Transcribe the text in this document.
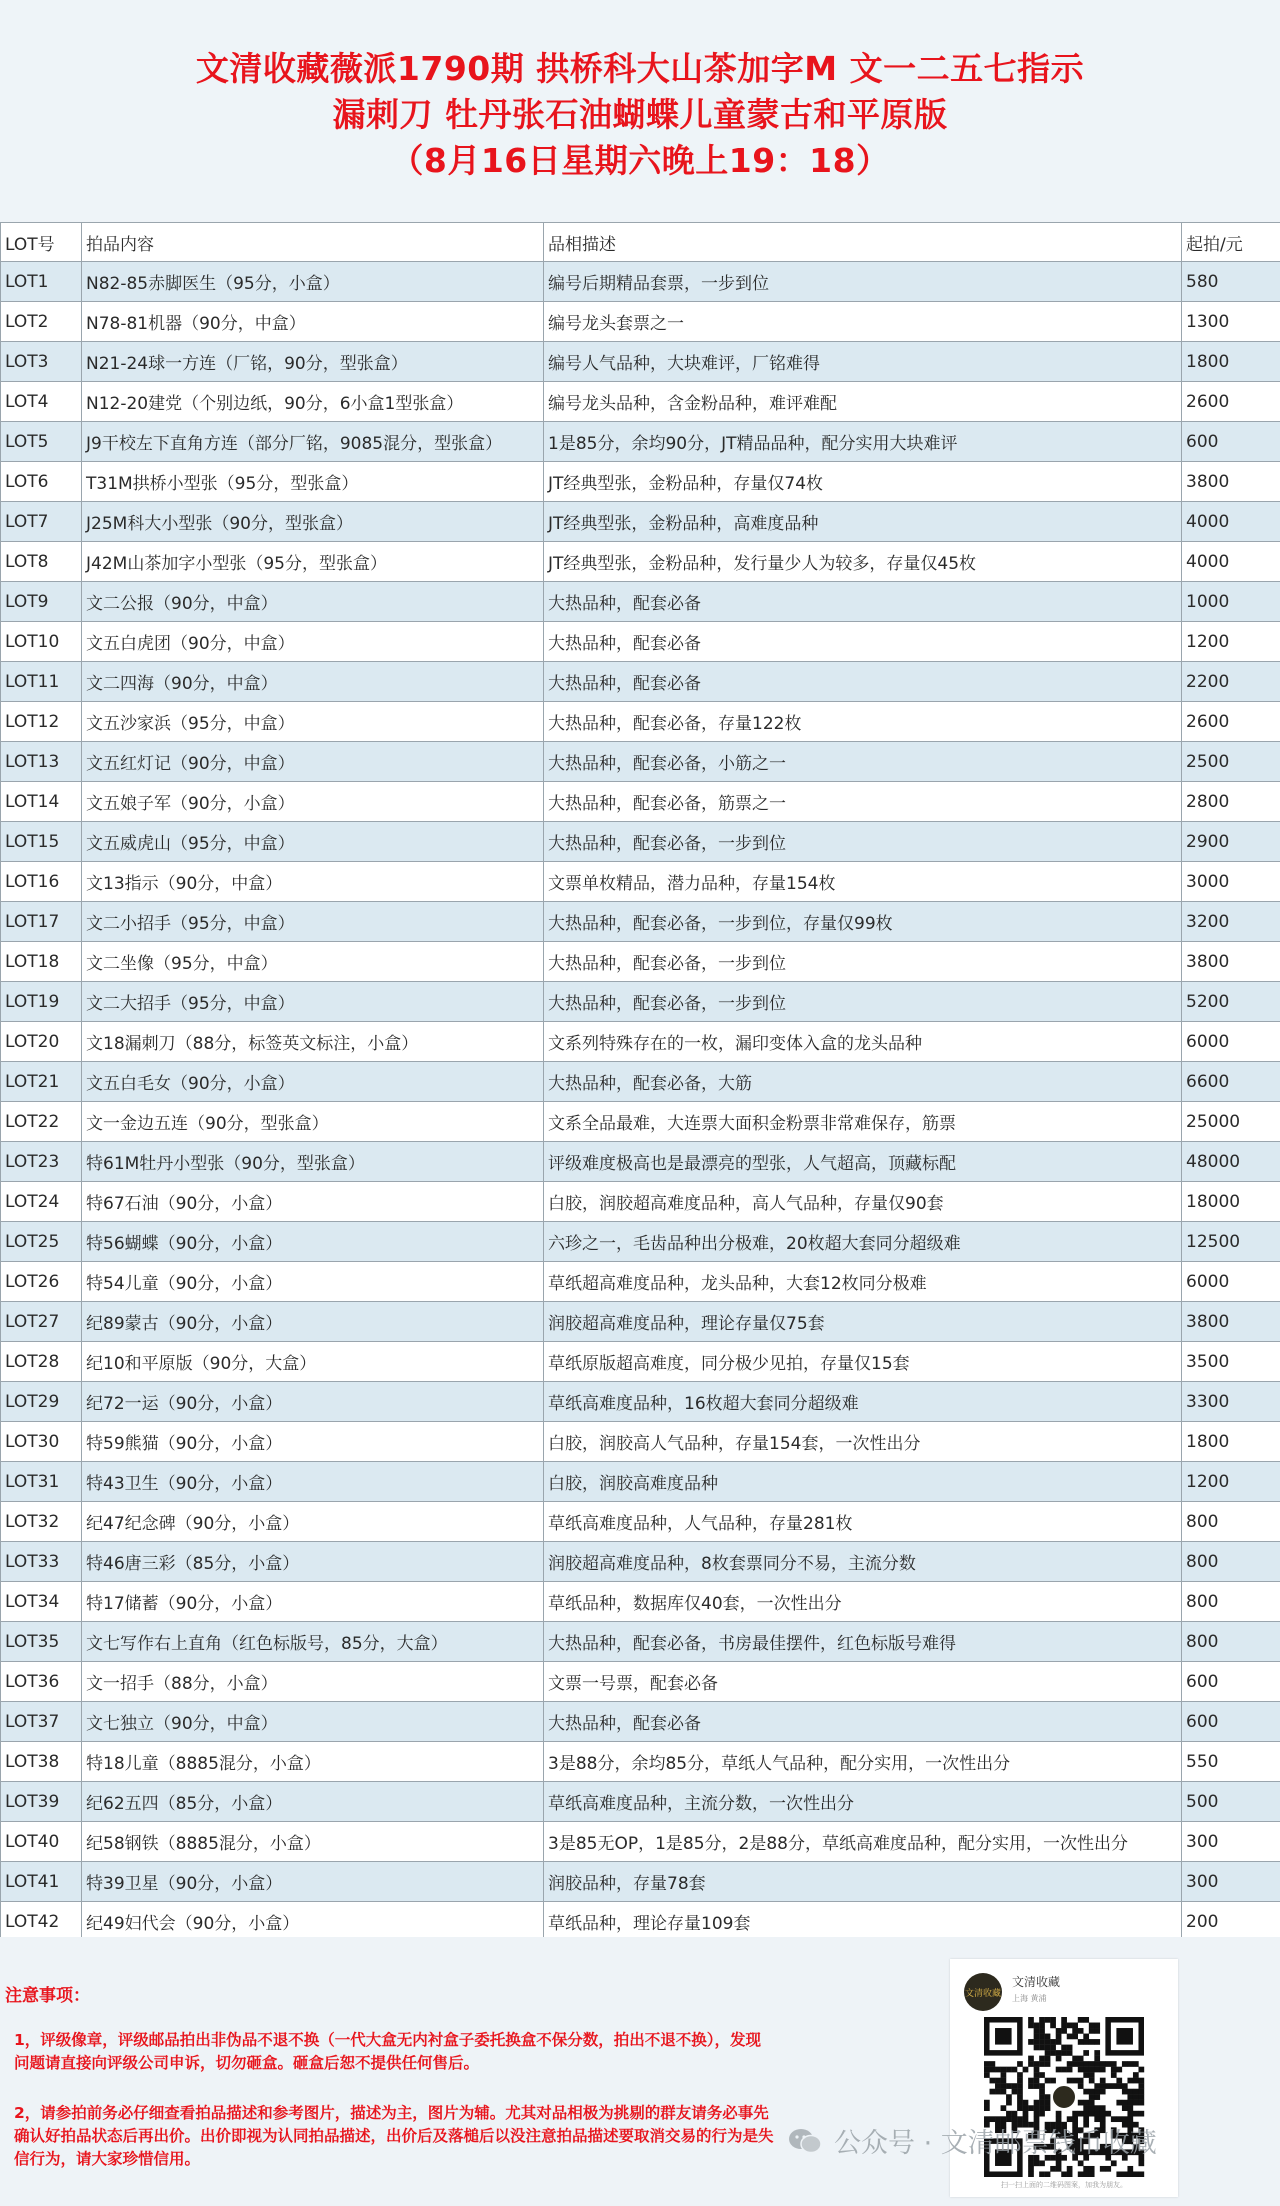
文清收藏薇派1790期 拱桥科大山茶加字M 文一二五七指示
漏刺刀 牡丹张石油蝴蝶儿童蒙古和平原版
（8月16日星期六晚上19：18）
LOT号	拍品内容	品相描述	起拍/元
LOT1	N82-85赤脚医生（95分，小盒）	编号后期精品套票，一步到位	580
LOT2	N78-81机器（90分，中盒）	编号龙头套票之一	1300
LOT3	N21-24球一方连（厂铭，90分，型张盒）	编号人气品种，大块难评，厂铭难得	1800
LOT4	N12-20建党（个别边纸，90分，6小盒1型张盒）	编号龙头品种，含金粉品种，难评难配	2600
LOT5	J9干校左下直角方连（部分厂铭，9085混分，型张盒）	1是85分，余均90分，JT精品品种，配分实用大块难评	600
LOT6	T31M拱桥小型张（95分，型张盒）	JT经典型张，金粉品种，存量仅74枚	3800
LOT7	J25M科大小型张（90分，型张盒）	JT经典型张，金粉品种，高难度品种	4000
LOT8	J42M山茶加字小型张（95分，型张盒）	JT经典型张，金粉品种，发行量少人为较多，存量仅45枚	4000
LOT9	文二公报（90分，中盒）	大热品种，配套必备	1000
LOT10	文五白虎团（90分，中盒）	大热品种，配套必备	1200
LOT11	文二四海（90分，中盒）	大热品种，配套必备	2200
LOT12	文五沙家浜（95分，中盒）	大热品种，配套必备，存量122枚	2600
LOT13	文五红灯记（90分，中盒）	大热品种，配套必备，小筋之一	2500
LOT14	文五娘子军（90分，小盒）	大热品种，配套必备，筋票之一	2800
LOT15	文五威虎山（95分，中盒）	大热品种，配套必备，一步到位	2900
LOT16	文13指示（90分，中盒）	文票单枚精品，潜力品种，存量154枚	3000
LOT17	文二小招手（95分，中盒）	大热品种，配套必备，一步到位，存量仅99枚	3200
LOT18	文二坐像（95分，中盒）	大热品种，配套必备，一步到位	3800
LOT19	文二大招手（95分，中盒）	大热品种，配套必备，一步到位	5200
LOT20	文18漏刺刀（88分，标签英文标注，小盒）	文系列特殊存在的一枚，漏印变体入盒的龙头品种	6000
LOT21	文五白毛女（90分，小盒）	大热品种，配套必备，大筋	6600
LOT22	文一金边五连（90分，型张盒）	文系全品最难，大连票大面积金粉票非常难保存，筋票	25000
LOT23	特61M牡丹小型张（90分，型张盒）	评级难度极高也是最漂亮的型张，人气超高，顶藏标配	48000
LOT24	特67石油（90分，小盒）	白胶，润胶超高难度品种，高人气品种，存量仅90套	18000
LOT25	特56蝴蝶（90分，小盒）	六珍之一，毛齿品种出分极难，20枚超大套同分超级难	12500
LOT26	特54儿童（90分，小盒）	草纸超高难度品种，龙头品种，大套12枚同分极难	6000
LOT27	纪89蒙古（90分，小盒）	润胶超高难度品种，理论存量仅75套	3800
LOT28	纪10和平原版（90分，大盒）	草纸原版超高难度，同分极少见拍，存量仅15套	3500
LOT29	纪72一运（90分，小盒）	草纸高难度品种，16枚超大套同分超级难	3300
LOT30	特59熊猫（90分，小盒）	白胶，润胶高人气品种，存量154套，一次性出分	1800
LOT31	特43卫生（90分，小盒）	白胶，润胶高难度品种	1200
LOT32	纪47纪念碑（90分，小盒）	草纸高难度品种，人气品种，存量281枚	800
LOT33	特46唐三彩（85分，小盒）	润胶超高难度品种，8枚套票同分不易，主流分数	800
LOT34	特17储蓄（90分，小盒）	草纸品种，数据库仅40套，一次性出分	800
LOT35	文七写作右上直角（红色标版号，85分，大盒）	大热品种，配套必备，书房最佳摆件，红色标版号难得	800
LOT36	文一招手（88分，小盒）	文票一号票，配套必备	600
LOT37	文七独立（90分，中盒）	大热品种，配套必备	600
LOT38	特18儿童（8885混分，小盒）	3是88分，余均85分，草纸人气品种，配分实用，一次性出分	550
LOT39	纪62五四（85分，小盒）	草纸高难度品种，主流分数，一次性出分	500
LOT40	纪58钢铁（8885混分，小盒）	3是85无OP，1是85分，2是88分，草纸高难度品种，配分实用，一次性出分	300
LOT41	特39卫星（90分，小盒）	润胶品种，存量78套	300
LOT42	纪49妇代会（90分，小盒）	草纸品种，理论存量109套	200
注意事项：
1，评级像章，评级邮品拍出非伪品不退不换（一代大盒无内衬盒子委托换盒不保分数，拍出不退不换），发现问题请直接向评级公司申诉，切勿砸盒。砸盒后恕不提供任何售后。
2，请参拍前务必仔细查看拍品描述和参考图片，描述为主，图片为辅。尤其对品相极为挑剔的群友请务必事先确认好拍品状态后再出价。出价即视为认同拍品描述，出价后及落槌后以没注意拍品描述要取消交易的行为是失信行为，请大家珍惜信用。
文清收藏
文清收藏
上海 黄浦
扫一扫上面的二维码图案，加我为朋友。
公众号 · 文清邮票钱币收藏
